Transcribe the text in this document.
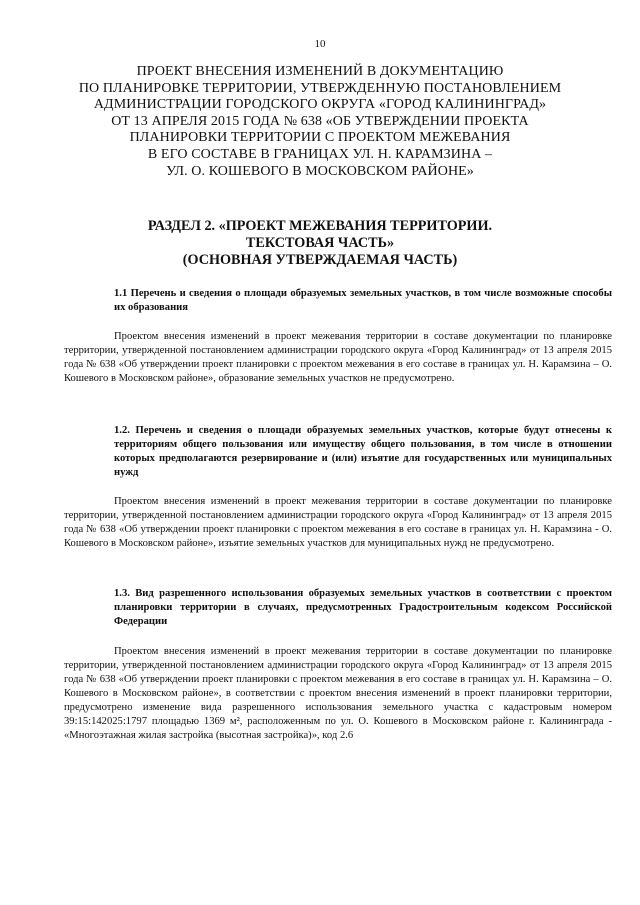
10
ПРОЕКТ ВНЕСЕНИЯ ИЗМЕНЕНИЙ В ДОКУМЕНТАЦИЮ
ПО ПЛАНИРОВКЕ ТЕРРИТОРИИ, УТВЕРЖДЕННУЮ ПОСТАНОВЛЕНИЕМ
АДМИНИСТРАЦИИ ГОРОДСКОГО ОКРУГА «ГОРОД КАЛИНИНГРАД»
ОТ 13 АПРЕЛЯ 2015 ГОДА № 638 «ОБ УТВЕРЖДЕНИИ ПРОЕКТА
ПЛАНИРОВКИ ТЕРРИТОРИИ С ПРОЕКТОМ МЕЖЕВАНИЯ
В ЕГО СОСТАВЕ В ГРАНИЦАХ УЛ. Н. КАРАМЗИНА –
УЛ. О. КОШЕВОГО В МОСКОВСКОМ РАЙОНЕ»
РАЗДЕЛ 2. «ПРОЕКТ МЕЖЕВАНИЯ ТЕРРИТОРИИ.
ТЕКСТОВАЯ ЧАСТЬ»
(ОСНОВНАЯ УТВЕРЖДАЕМАЯ ЧАСТЬ)
1.1 Перечень и сведения о площади образуемых земельных участков, в том числе возможные способы их образования
Проектом внесения изменений в проект межевания территории в составе документации по планировке территории, утвержденной постановлением администрации городского округа «Город Калининград» от 13 апреля 2015 года № 638 «Об утверждении проект планировки с проектом межевания в его составе в границах ул. Н. Карамзина – О. Кошевого в Московском районе», образование земельных участков не предусмотрено.
1.2. Перечень и сведения о площади образуемых земельных участков, которые будут отнесены к территориям общего пользования или имуществу общего пользования, в том числе в отношении которых предполагаются резервирование и (или) изъятие для государственных или муниципальных нужд
Проектом внесения изменений в проект межевания территории в составе документации по планировке территории, утвержденной постановлением администрации городского округа «Город Калининград» от 13 апреля 2015 года № 638 «Об утверждении проект планировки с проектом межевания в его составе в границах ул. Н. Карамзина - О. Кошевого в Московском районе», изъятие земельных участков для муниципальных нужд не предусмотрено.
1.3. Вид разрешенного использования образуемых земельных участков в соответствии с проектом планировки территории в случаях, предусмотренных Градостроительным кодексом Российской Федерации
Проектом внесения изменений в проект межевания территории в составе документации по планировке территории, утвержденной постановлением администрации городского округа «Город Калининград» от 13 апреля 2015 года № 638 «Об утверждении проект планировки с проектом межевания в его составе в границах ул. Н. Карамзина – О. Кошевого в Московском районе», в соответствии с проектом внесения изменений в проект планировки территории, предусмотрено изменение вида разрешенного использования земельного участка с кадастровым номером 39:15:142025:1797 площадью 1369 м², расположенным по ул. О. Кошевого в Московском районе г. Калининграда - «Многоэтажная жилая застройка (высотная застройка)», код 2.6
